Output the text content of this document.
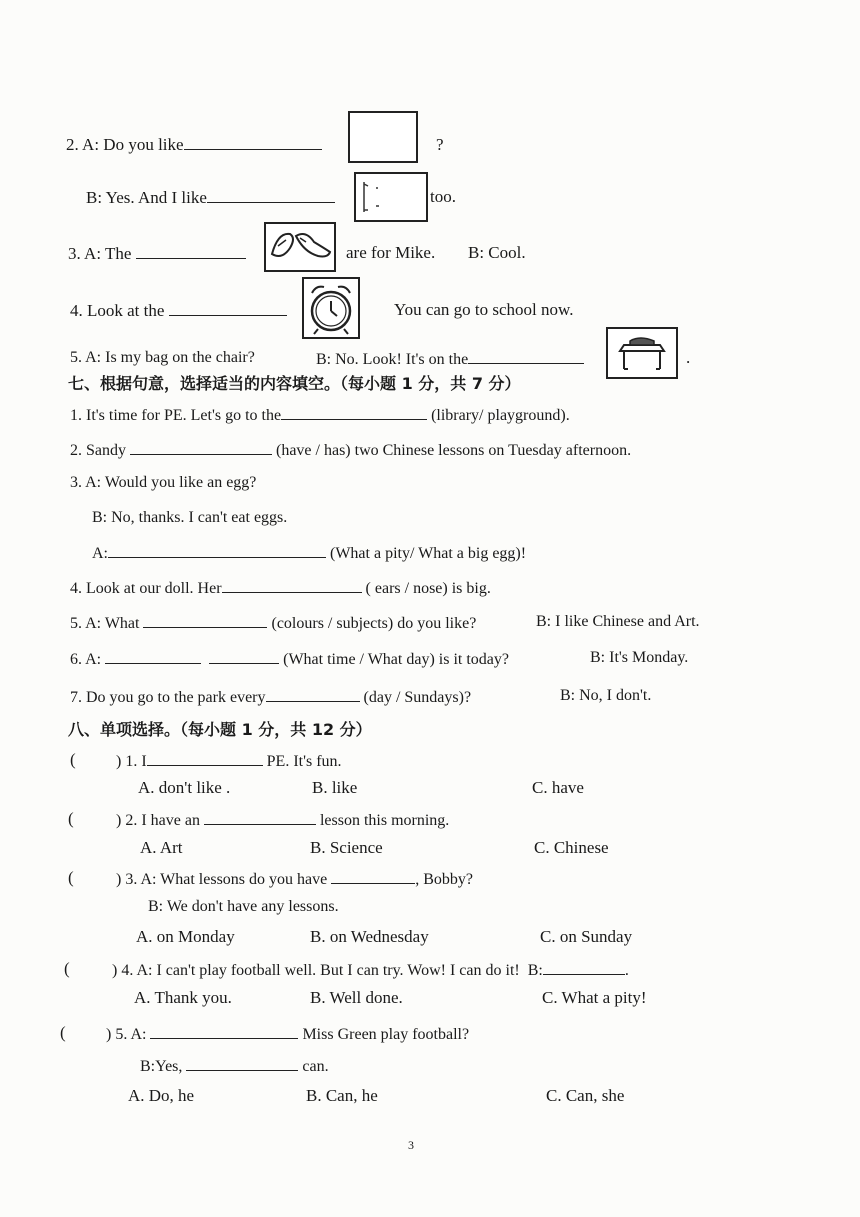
2. A: Do you like	?
B: Yes. And I like	too.
3. A: The	are for Mike. B: Cool.
4. Look at the	You can go to school now.
5. A: Is my bag on the chair?	B: No. Look! It's on the	.
七、根据句意，选择适当的内容填空。（每小题 1 分，共 7 分）
1. It's time for PE. Let's go to the	(library/ playground).
2. Sandy	(have / has) two Chinese lessons on Tuesday afternoon.
3. A: Would you like an egg?
B: No, thanks. I can't eat eggs.
A:	(What a pity/ What a big egg)!
4. Look at our doll. Her	( ears / nose) is big.
5. A: What	(colours / subjects) do you like?	B: I like Chinese and Art.
6. A:	(What time / What day) is it today?	B: It's Monday.
7. Do you go to the park every	(day / Sundays)?	B: No, I don't.
八、单项选择。（每小题 1 分，共 12 分）
(	) 1. I	PE. It's fun.
A. don't like .	B. like	C. have
(	) 2. I have an	lesson this morning.
A. Art	B. Science	C. Chinese
(	) 3. A: What lessons do you have	, Bobby?
B: We don't have any lessons.
A. on Monday	B. on Wednesday	C. on Sunday
(	) 4. A: I can't play football well. But I can try. Wow! I can do it! B:	.
A. Thank you.	B. Well done.	C. What a pity!
(	) 5. A:	Miss Green play football?
B:Yes,	can.
A. Do, he	B. Can, he	C. Can, she
3
